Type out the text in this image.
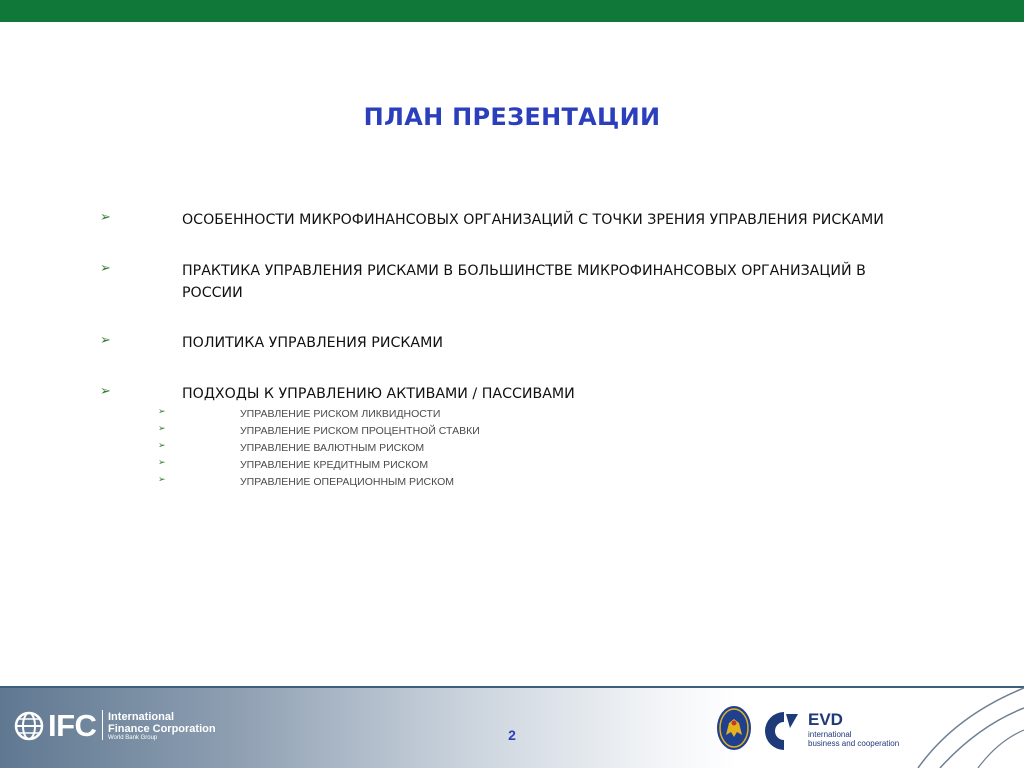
ПЛАН ПРЕЗЕНТАЦИИ
➢	ОСОБЕННОСТИ МИКРОФИНАНСОВЫХ ОРГАНИЗАЦИЙ С ТОЧКИ ЗРЕНИЯ УПРАВЛЕНИЯ РИСКАМИ
➢	ПРАКТИКА УПРАВЛЕНИЯ РИСКАМИ В БОЛЬШИНСТВЕ МИКРОФИНАНСОВЫХ ОРГАНИЗАЦИЙ В РОССИИ
➢	ПОЛИТИКА УПРАВЛЕНИЯ РИСКАМИ
➢	ПОДХОДЫ К УПРАВЛЕНИЮ АКТИВАМИ / ПАССИВАМИ
➢	УПРАВЛЕНИЕ РИСКОМ ЛИКВИДНОСТИ
➢	УПРАВЛЕНИЕ РИСКОМ ПРОЦЕНТНОЙ СТАВКИ
➢	УПРАВЛЕНИЕ ВАЛЮТНЫМ РИСКОМ
➢	УПРАВЛЕНИЕ КРЕДИТНЫМ РИСКОМ
➢	УПРАВЛЕНИЕ ОПЕРАЦИОННЫМ РИСКОМ
IFC International
Finance Corporation
World Bank Group	2
EVD
international
business and cooperation
